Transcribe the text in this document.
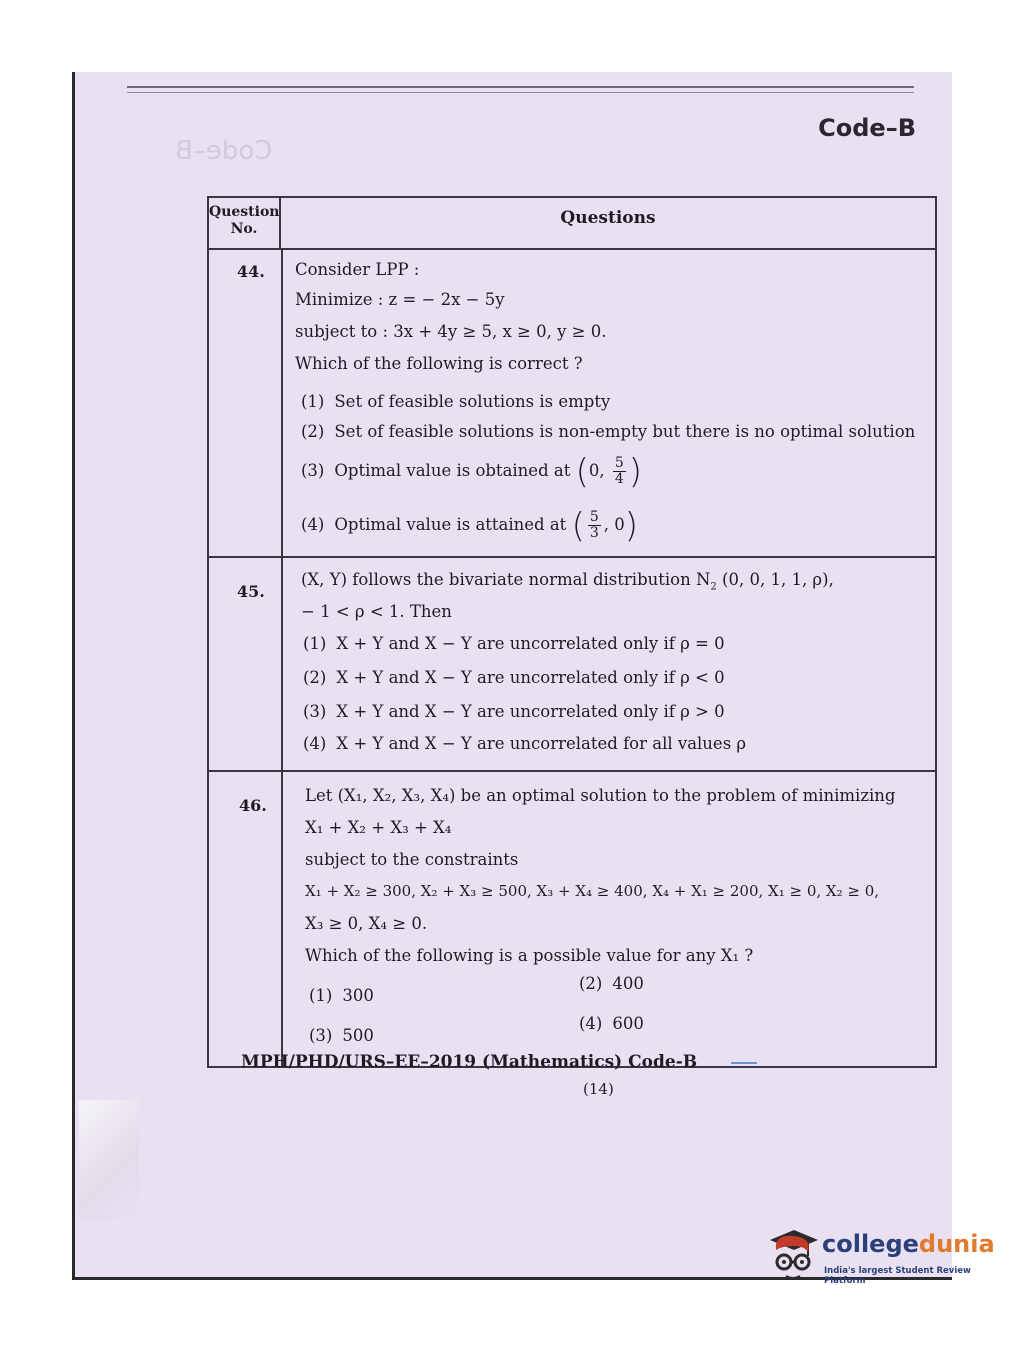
Code–B
Code–B
Question No.
Questions
44. Consider LPP :
Minimize : z = − 2x − 5y
subject to : 3x + 4y ≥ 5, x ≥ 0, y ≥ 0.
Which of the following is correct ?
(1) Set of feasible solutions is empty
(2) Set of feasible solutions is non-empty but there is no optimal solution
(3) Optimal value is obtained at (0, $\frac{5}{4}$ )
(4) Optimal value is attained at ( $\frac{5}{3}$ , 0)
45.
(X, Y) follows the bivariate normal distribution $N_2$ (0, 0, 1, 1, ρ),
− 1 < ρ < 1. Then
(1) X + Y and X − Y are uncorrelated only if ρ = 0
(2) X + Y and X − Y are uncorrelated only if ρ < 0
(3) X + Y and X − Y are uncorrelated only if ρ > 0
(4) X + Y and X − Y are uncorrelated for all values ρ
46.
Let (X₁, X₂, X₃, X₄) be an optimal solution to the problem of minimizing
X₁ + X₂ + X₃ + X₄
subject to the constraints
X₁ + X₂ ≥ 300, X₂ + X₃ ≥ 500, X₃ + X₄ ≥ 400, X₄ + X₁ ≥ 200, X₁ ≥ 0, X₂ ≥ 0,
X₃ ≥ 0, X₄ ≥ 0.
Which of the following is a possible value for any X₁ ?
(1) 300
(2) 400
(3) 500
(4) 600
MPH/PHD/URS–EE–2019 (Mathematics) Code-B
(14)
collegedunia
India's largest Student Review Platform
